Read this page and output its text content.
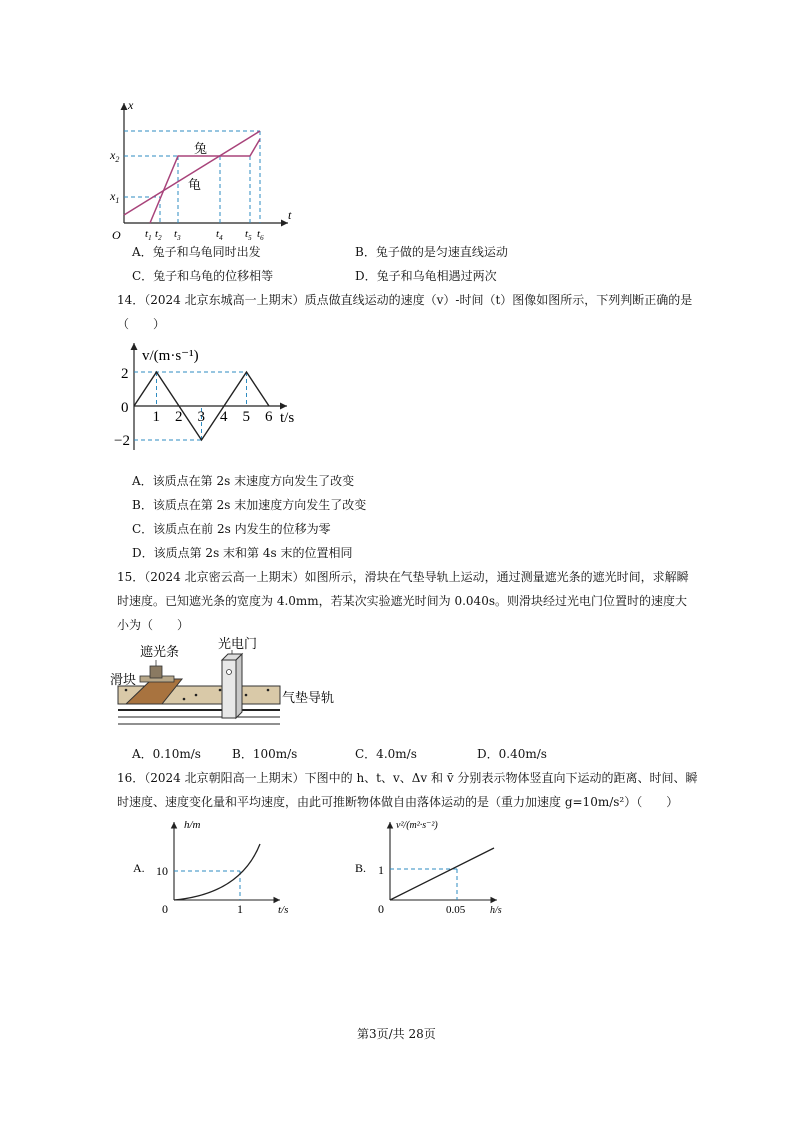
x
t
O
$x_2$
$x_1$
兔
龟
$t_1$ $t_2$ $t_3$	$t_4$ $t_5$ $t_6$
A．兔子和乌龟同时出发	B．兔子做的是匀速直线运动
C．兔子和乌龟的位移相等	D．兔子和乌龟相遇过两次
14．（2024 北京东城高一上期末）质点做直线运动的速度（v）-时间（t）图像如图所示，下列判断正确的是
（　　）
v/(m·s⁻¹)
t/s
2
0
−2
1 2 3 4 5 6
A．该质点在第 2s 末速度方向发生了改变
B．该质点在第 2s 末加速度方向发生了改变
C．该质点在前 2s 内发生的位移为零
D．该质点第 2s 末和第 4s 末的位置相同
15．（2024 北京密云高一上期末）如图所示，滑块在气垫导轨上运动，通过测量遮光条的遮光时间，求解瞬
时速度。已知遮光条的宽度为 4.0mm，若某次实验遮光时间为 0.040s。则滑块经过光电门位置时的速度大
小为（　　）
遮光条
光电门
滑块
气垫导轨
A．0.10m/s	B．100m/s	C．4.0m/s	D．0.40m/s
16．（2024 北京朝阳高一上期末）下图中的 h、t、v、Δv 和 v̄ 分别表示物体竖直向下运动的距离、时间、瞬
时速度、速度变化量和平均速度，由此可推断物体做自由落体运动的是（重力加速度 g=10m/s²）（　　）
A.
h/m
10
1
0	t/s
B.
v²/(m²·s⁻²)
1
0.05
0	h/s
第3页/共 28页
